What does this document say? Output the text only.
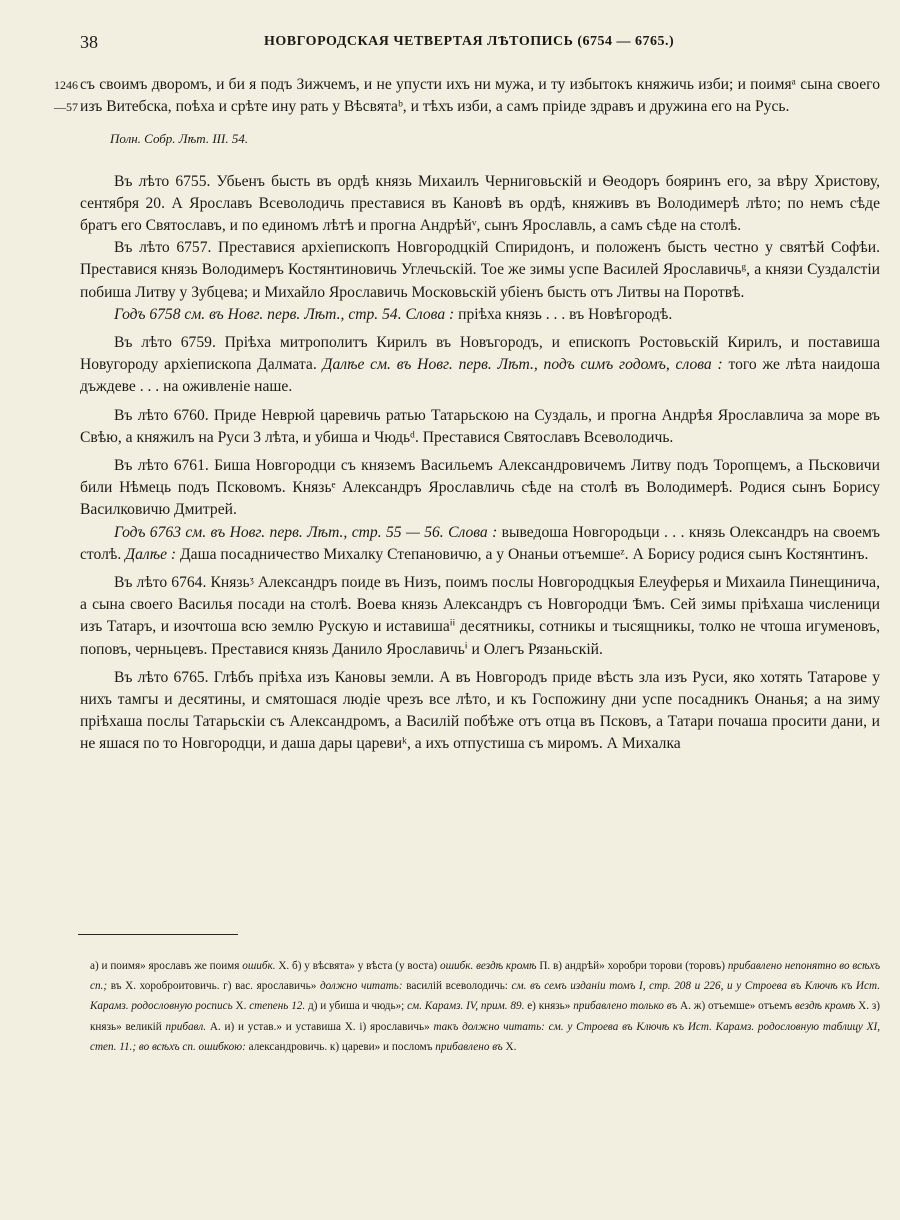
38	НОВГОРОДСКАЯ ЧЕТВЕРТАЯ ЛѢТОПИСЬ (6754 — 6765.)

1246 —57
съ своимъ дворомъ, и би я подъ Зижчемъ, и не упусти ихъ ни мужа, и ту избытокъ княжичь изби; и поимяᵃ сына своего изъ Витебска, поѣха и срѣте ину рать у Вѣсвятаᵇ, и тѣхъ изби, а самъ пріиде здравъ и дружина его на Русь.

Полн. Собр. Лѣт. III. 54.

Въ лѣто 6755. Убьенъ бысть въ ордѣ князь Михаилъ Черниговьскій и Ѳеодоръ бояринъ его, за вѣру Христову, сентября 20. А Ярославъ Всеволодичь преставися въ Кановѣ въ ордѣ, княживъ въ Володимерѣ лѣто; по немъ сѣде братъ его Святославъ, и по единомъ лѣтѣ и прогна Андрѣйᵛ, сынъ Ярославль, а самъ сѣде на столѣ.

Въ лѣто 6757. Преставися архіепископъ Новгородцкій Спиридонъ, и положенъ бысть честно у святѣй Софѣи. Преставися князь Володимеръ Костянтиновичь Углечьскій. Тое же зимы успе Василей Ярославичьᵍ, а князи Суздалстіи побиша Литву у Зубцева; и Михайло Ярославичь Московьскій убіенъ бысть отъ Литвы на Поротвѣ.

Годъ 6758 см. въ Новг. перв. Лѣт., стр. 54. Слова : пріѣха князь . . . въ Новѣгородѣ.

Въ лѣто 6759. Пріѣха митрополитъ Кирилъ въ Новъгородъ, и епископъ Ростовьскій Кирилъ, и поставиша Новугороду архіепископа Далмата. Далѣе см. въ Новг. перв. Лѣт., подъ симъ годомъ, слова : того же лѣта наидоша дъждеве . . . на оживленіе наше.

Въ лѣто 6760. Приде Неврюй царевичь ратью Татарьскою на Суздаль, и прогна Андрѣя Ярославлича за море въ Свѣю, а княжилъ на Руси 3 лѣта, и убиша и Чюдьᵈ. Преставися Святославъ Всеволодичь.

Въ лѣто 6761. Биша Новгородци съ княземъ Васильемъ Александровичемъ Литву подъ Торопцемъ, а Пьсковичи били Нѣмець подъ Псковомъ. Князьᵉ Александръ Ярославличь сѣде на столѣ въ Володимерѣ. Родися сынъ Борису Василковичю Дмитрей.

Годъ 6763 см. въ Новг. перв. Лѣт., стр. 55 — 56. Слова : выведоша Новгородьци . . . князь Олександръ на своемъ столѣ. Далѣе : Даша посадничество Михалку Степановичю, а у Онаньи отъемшеᶻ. А Борису родися сынъ Костянтинъ.

Въ лѣто 6764. Князьᶾ Александръ поиде въ Низъ, поимъ послы Новгородцкыя Елеуферья и Михаила Пинещинича, а сына своего Василья посади на столѣ. Воева князь Александръ съ Новгородци Ѣмъ. Сей зимы пріѣхаша численици изъ Татаръ, и изочтоша всю землю Рускую и иставишаⁱⁱ десятникы, сотникы и тысящникы, толко не чтоша игуменовъ, поповъ, черньцевъ. Преставися князь Данило Ярославичьⁱ и Олегъ Рязаньскій.

Въ лѣто 6765. Глѣбъ пріѣха изъ Кановы земли. А въ Новгородъ приде вѣсть зла изъ Руси, яко хотять Татарове у нихъ тамгы и десятины, и смятошася людіе чрезъ все лѣто, и къ Госпожину дни успе посадникъ Онанья; а на зиму пріѣхаша послы Татарьскіи съ Александромъ, а Василій побѣже отъ отца въ Псковъ, а Татари почаша просити дани, и не яшася по то Новгородци, и даша дары царевиᵏ, а ихъ отпустиша съ миромъ. А Михалка

а) и поимя» ярославъ же поимя ошибк. Х. б) у вѣсвята» у вѣста (у воста) ошибк. вездѣ кромѣ П. в) андрѣй» хоробри торови (торовъ) прибавлено непонятно во всѣхъ сп.; въ Х. хороброитовичь. г) вас. ярославичь» должно читать: василій всеволодичь: см. въ семъ изданіи томъ I, стр. 208 и 226, и у Строева въ Ключѣ къ Ист. Карамз. родословную роспись Х. степень 12. д) и убиша и чюдь»; см. Карамз. IV, прим. 89. е) князь» прибавлено только въ А. ж) отъемше» отъемъ вездѣ кромѣ Х. з) князь» великій прибавл. А. и) и устав.» и уставиша Х. і) ярославичь» такъ должно читать: см. у Строева въ Ключѣ къ Ист. Карамз. родословную таблицу XI, степ. 11.; во всѣхъ сп. ошибкою: александровичь. к) цареви» и посломъ прибавлено въ Х.
